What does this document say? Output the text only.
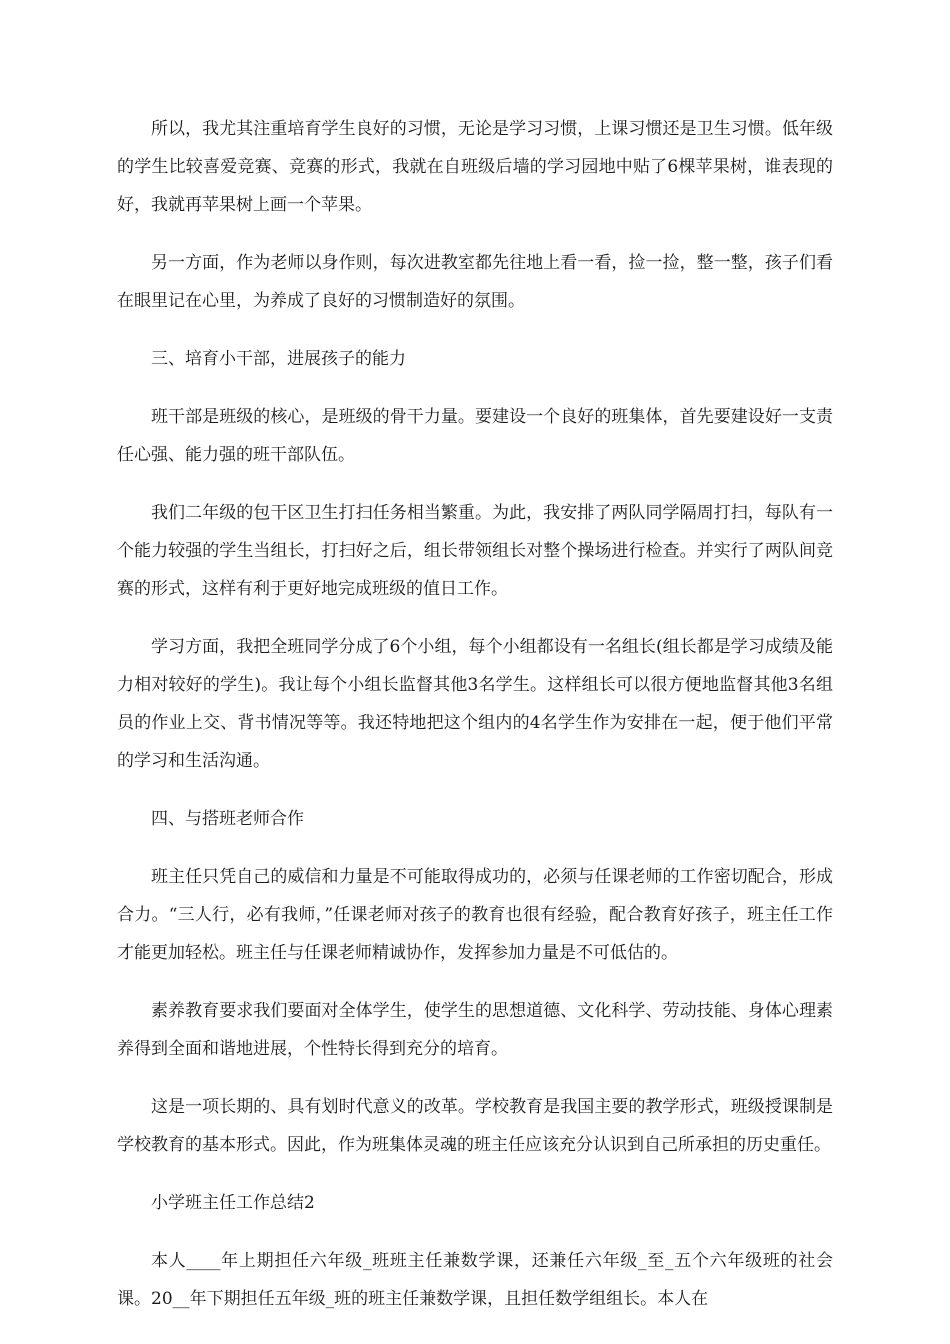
所以，我尤其注重培育学生良好的习惯，无论是学习习惯，上课习惯还是卫生习惯。低年级的学生比较喜爱竞赛、竞赛的形式，我就在自班级后墙的学习园地中贴了6棵苹果树，谁表现的好，我就再苹果树上画一个苹果。

另一方面，作为老师以身作则，每次进教室都先往地上看一看，捡一捡，整一整，孩子们看在眼里记在心里，为养成了良好的习惯制造好的氛围。

三、培育小干部，进展孩子的能力

班干部是班级的核心，是班级的骨干力量。要建设一个良好的班集体，首先要建设好一支责任心强、能力强的班干部队伍。

我们二年级的包干区卫生打扫任务相当繁重。为此，我安排了两队同学隔周打扫，每队有一个能力较强的学生当组长，打扫好之后，组长带领组长对整个操场进行检查。并实行了两队间竞赛的形式，这样有利于更好地完成班级的值日工作。

学习方面，我把全班同学分成了6个小组，每个小组都设有一名组长(组长都是学习成绩及能力相对较好的学生)。我让每个小组长监督其他3名学生。这样组长可以很方便地监督其他3名组员的作业上交、背书情况等等。我还特地把这个组内的4名学生作为安排在一起，便于他们平常的学习和生活沟通。

四、与搭班老师合作

班主任只凭自己的威信和力量是不可能取得成功的，必须与任课老师的工作密切配合，形成合力。“三人行，必有我师，”任课老师对孩子的教育也很有经验，配合教育好孩子，班主任工作才能更加轻松。班主任与任课老师精诚协作，发挥参加力量是不可低估的。

素养教育要求我们要面对全体学生，使学生的思想道德、文化科学、劳动技能、身体心理素养得到全面和谐地进展，个性特长得到充分的培育。

这是一项长期的、具有划时代意义的改革。学校教育是我国主要的教学形式，班级授课制是学校教育的基本形式。因此，作为班集体灵魂的班主任应该充分认识到自己所承担的历史重任。

小学班主任工作总结2

本人____年上期担任六年级_班班主任兼数学课，还兼任六年级_至_五个六年级班的社会课。20__年下期担任五年级_班的班主任兼数学课，且担任数学组组长。本人在
